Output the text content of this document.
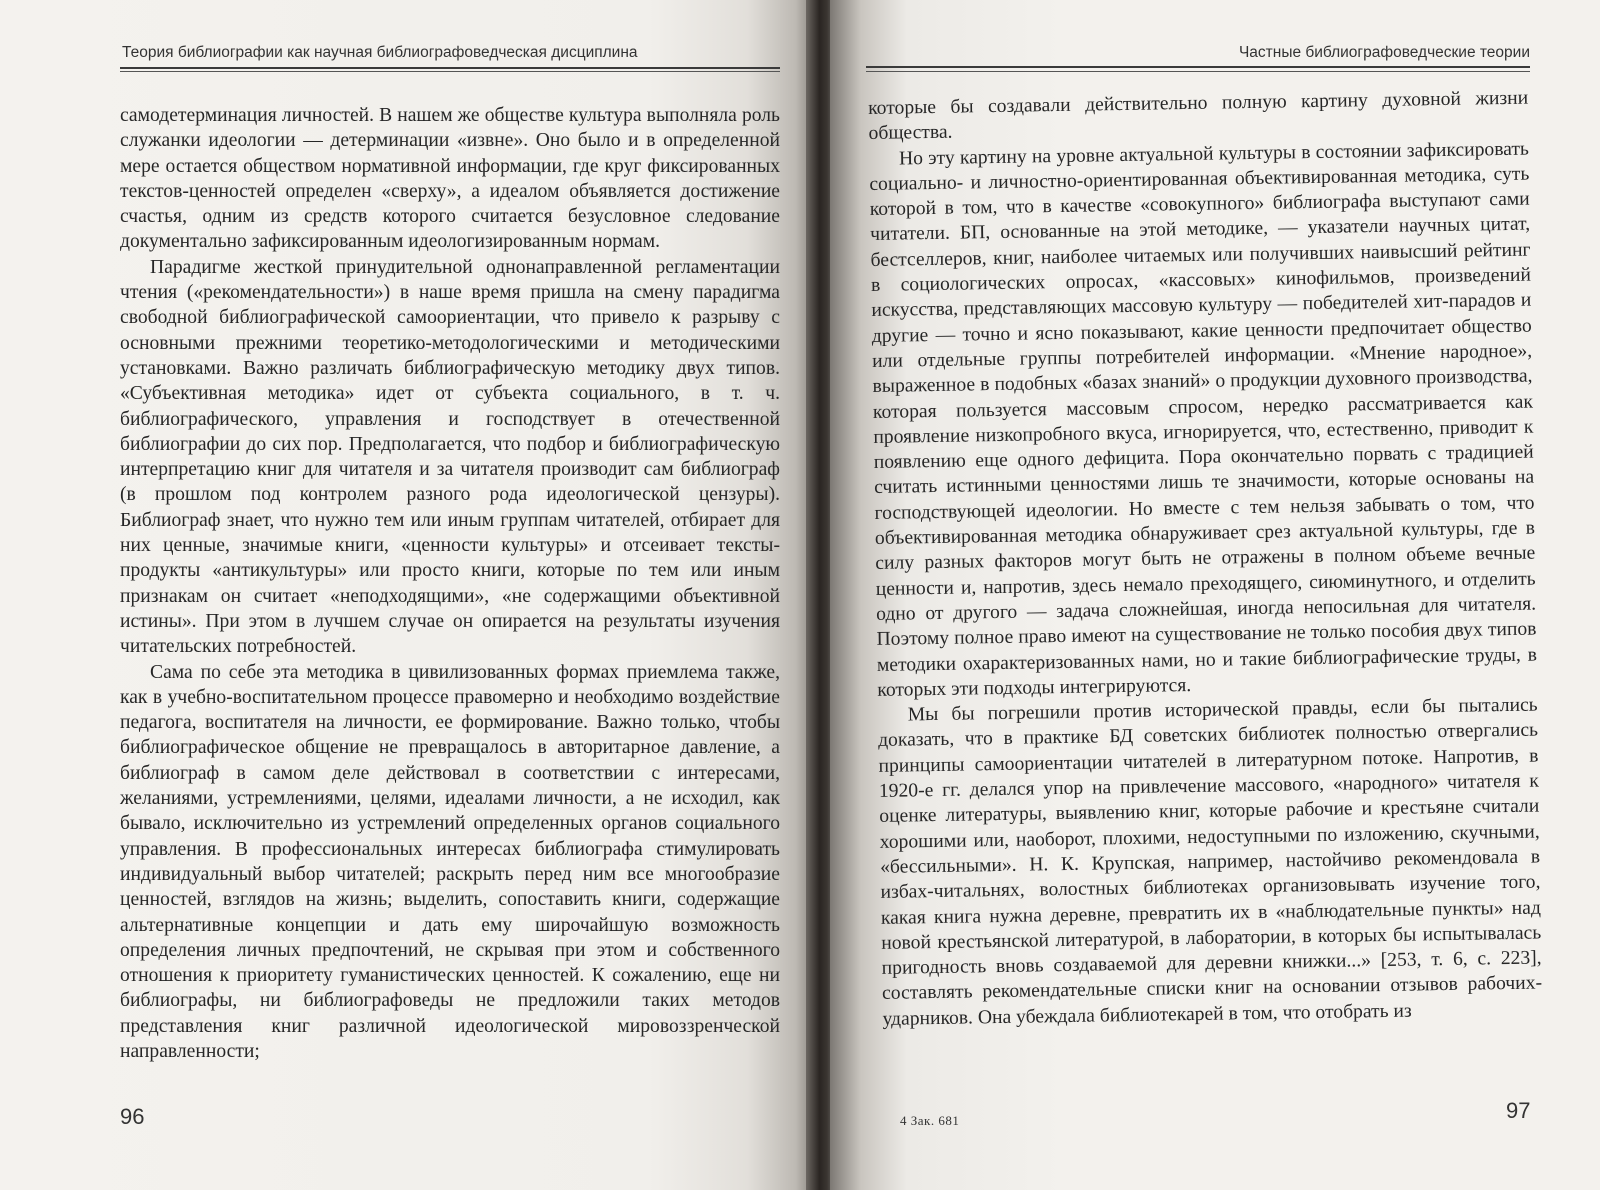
Теория библиографии как научная библиографоведческая дисциплина

самодетерминация личностей. В нашем же обществе культура выполняла роль служанки идеологии — детерминации «извне». Оно было и в определенной мере остается обществом нормативной информации, где круг фиксированных текстов-ценностей определен «сверху», а идеалом объявляется достижение счастья, одним из средств которого считается безусловное следование документально зафиксированным идеологизированным нормам.

Парадигме жесткой принудительной однонаправленной регламентации чтения («рекомендательности») в наше время пришла на смену парадигма свободной библиографической самоориентации, что привело к разрыву с основными прежними теоретико-методологическими и методическими установками. Важно различать библиографическую методику двух типов. «Субъективная методика» идет от субъекта социального, в т. ч. библиографического, управления и господствует в отечественной библиографии до сих пор. Предполагается, что подбор и библиографическую интерпретацию книг для читателя и за читателя производит сам библиограф (в прошлом под контролем разного рода идеологической цензуры). Библиограф знает, что нужно тем или иным группам читателей, отбирает для них ценные, значимые книги, «ценности культуры» и отсеивает тексты-продукты «антикультуры» или просто книги, которые по тем или иным признакам он считает «неподходящими», «не содержащими объективной истины». При этом в лучшем случае он опирается на результаты изучения читательских потребностей.

Сама по себе эта методика в цивилизованных формах приемлема также, как в учебно-воспитательном процессе правомерно и необходимо воздействие педагога, воспитателя на личности, ее формирование. Важно только, чтобы библиографическое общение не превращалось в авторитарное давление, а библиограф в самом деле действовал в соответствии с интересами, желаниями, устремлениями, целями, идеалами личности, а не исходил, как бывало, исключительно из устремлений определенных органов социального управления. В профессиональных интересах библиографа стимулировать индивидуальный выбор читателей; раскрыть перед ним все многообразие ценностей, взглядов на жизнь; выделить, сопоставить книги, содержащие альтернативные концепции и дать ему широчайшую возможность определения личных предпочтений, не скрывая при этом и собственного отношения к приоритету гуманистических ценностей. К сожалению, еще ни библиографы, ни библиографоведы не предложили таких методов представления книг различной идеологической мировоззренческой направленности;

96
Частные библиографоведческие теории

которые бы создавали действительно полную картину духовной жизни общества.

Но эту картину на уровне актуальной культуры в состоянии зафиксировать социально- и личностно-ориентированная объективированная методика, суть которой в том, что в качестве «совокупного» библиографа выступают сами читатели. БП, основанные на этой методике, — указатели научных цитат, бестселлеров, книг, наиболее читаемых или получивших наивысший рейтинг в социологических опросах, «кассовых» кинофильмов, произведений искусства, представляющих массовую культуру — победителей хит-парадов и другие — точно и ясно показывают, какие ценности предпочитает общество или отдельные группы потребителей информации. «Мнение народное», выраженное в подобных «базах знаний» о продукции духовного производства, которая пользуется массовым спросом, нередко рассматривается как проявление низкопробного вкуса, игнорируется, что, естественно, приводит к появлению еще одного дефицита. Пора окончательно порвать с традицией считать истинными ценностями лишь те значимости, которые основаны на господствующей идеологии. Но вместе с тем нельзя забывать о том, что объективированная методика обнаруживает срез актуальной культуры, где в силу разных факторов могут быть не отражены в полном объеме вечные ценности и, напротив, здесь немало преходящего, сиюминутного, и отделить одно от другого — задача сложнейшая, иногда непосильная для читателя. Поэтому полное право имеют на существование не только пособия двух типов методики охарактеризованных нами, но и такие библиографические труды, в которых эти подходы интегрируются.

Мы бы погрешили против исторической правды, если бы пытались доказать, что в практике БД советских библиотек полностью отвергались принципы самоориентации читателей в литературном потоке. Напротив, в 1920-е гг. делался упор на привлечение массового, «народного» читателя к оценке литературы, выявлению книг, которые рабочие и крестьяне считали хорошими или, наоборот, плохими, недоступными по изложению, скучными, «бессильными». Н. К. Крупская, например, настойчиво рекомендовала в избах-читальнях, волостных библиотеках организовывать изучение того, какая книга нужна деревне, превратить их в «наблюдательные пункты» над новой крестьянской литературой, в лаборатории, в которых бы испытывалась пригодность вновь создаваемой для деревни книжки...» [253, т. 6, с. 223], составлять рекомендательные списки книг на основании отзывов рабочих-ударников. Она убеждала библиотекарей в том, что отобрать из

4 Зак. 681	97
